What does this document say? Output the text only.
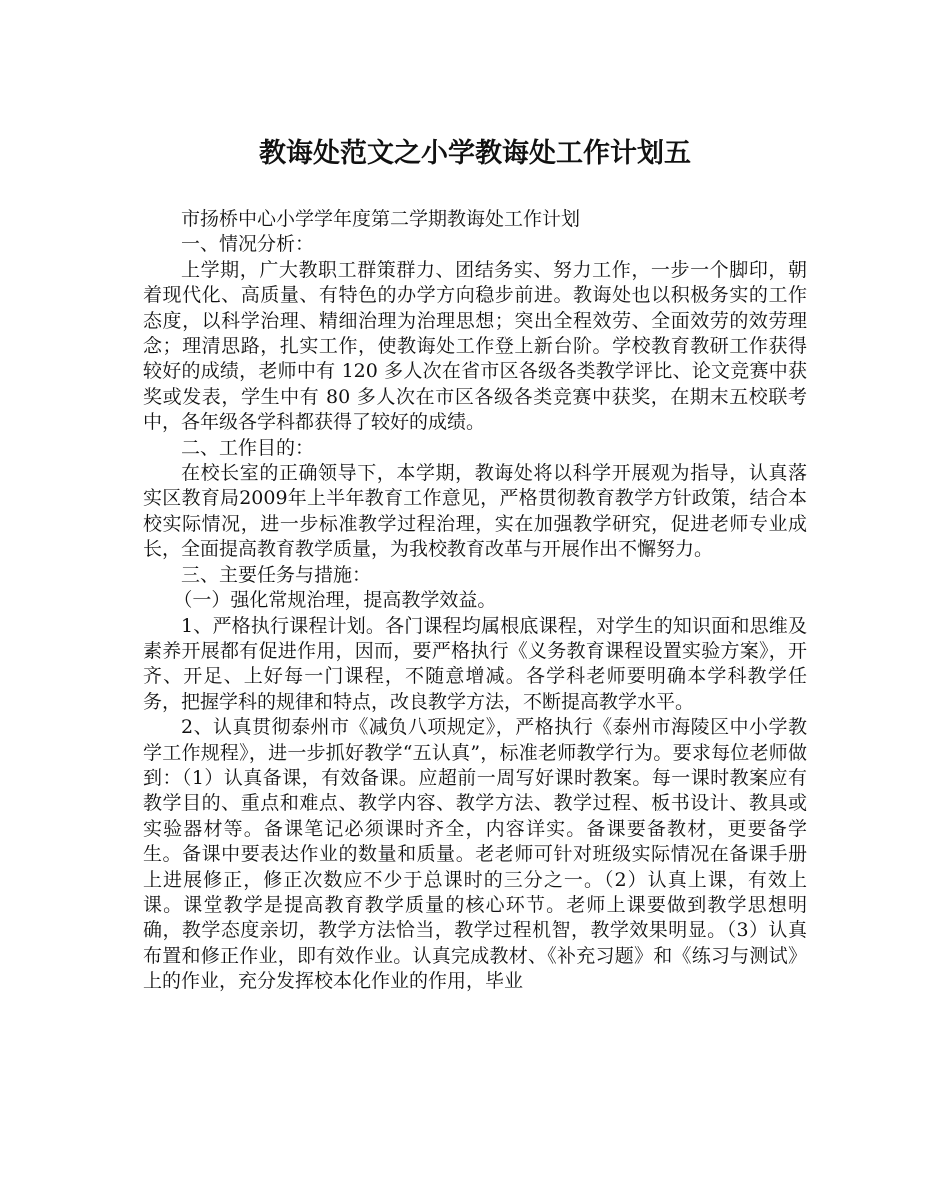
教诲处范文之小学教诲处工作计划五

市扬桥中心小学学年度第二学期教诲处工作计划

一、情况分析：

上学期，广大教职工群策群力、团结务实、努力工作，一步一个脚印，朝着现代化、高质量、有特色的办学方向稳步前进。教诲处也以积极务实的工作态度，以科学治理、精细治理为治理思想；突出全程效劳、全面效劳的效劳理念；理清思路，扎实工作，使教诲处工作登上新台阶。学校教育教研工作获得较好的成绩，老师中有 120 多人次在省市区各级各类教学评比、论文竞赛中获奖或发表，学生中有 80 多人次在市区各级各类竞赛中获奖，在期末五校联考中，各年级各学科都获得了较好的成绩。

二、工作目的：

在校长室的正确领导下，本学期，教诲处将以科学开展观为指导，认真落实区教育局2009年上半年教育工作意见，严格贯彻教育教学方针政策，结合本校实际情况，进一步标准教学过程治理，实在加强教学研究，促进老师专业成长，全面提高教育教学质量，为我校教育改革与开展作出不懈努力。

三、主要任务与措施：

（一）强化常规治理，提高教学效益。

1、严格执行课程计划。各门课程均属根底课程，对学生的知识面和思维及素养开展都有促进作用，因而，要严格执行《义务教育课程设置实验方案》，开齐、开足、上好每一门课程，不随意增减。各学科老师要明确本学科教学任务，把握学科的规律和特点，改良教学方法，不断提高教学水平。

2、认真贯彻泰州市《减负八项规定》，严格执行《泰州市海陵区中小学教学工作规程》，进一步抓好教学“五认真”，标准老师教学行为。要求每位老师做到：（1）认真备课，有效备课。应超前一周写好课时教案。每一课时教案应有教学目的、重点和难点、教学内容、教学方法、教学过程、板书设计、教具或实验器材等。备课笔记必须课时齐全，内容详实。备课要备教材，更要备学生。备课中要表达作业的数量和质量。老老师可针对班级实际情况在备课手册上进展修正，修正次数应不少于总课时的三分之一。（2）认真上课，有效上课。课堂教学是提高教育教学质量的核心环节。老师上课要做到教学思想明确，教学态度亲切，教学方法恰当，教学过程机智，教学效果明显。（3）认真布置和修正作业，即有效作业。认真完成教材、《补充习题》和《练习与测试》上的作业，充分发挥校本化作业的作用，毕业
